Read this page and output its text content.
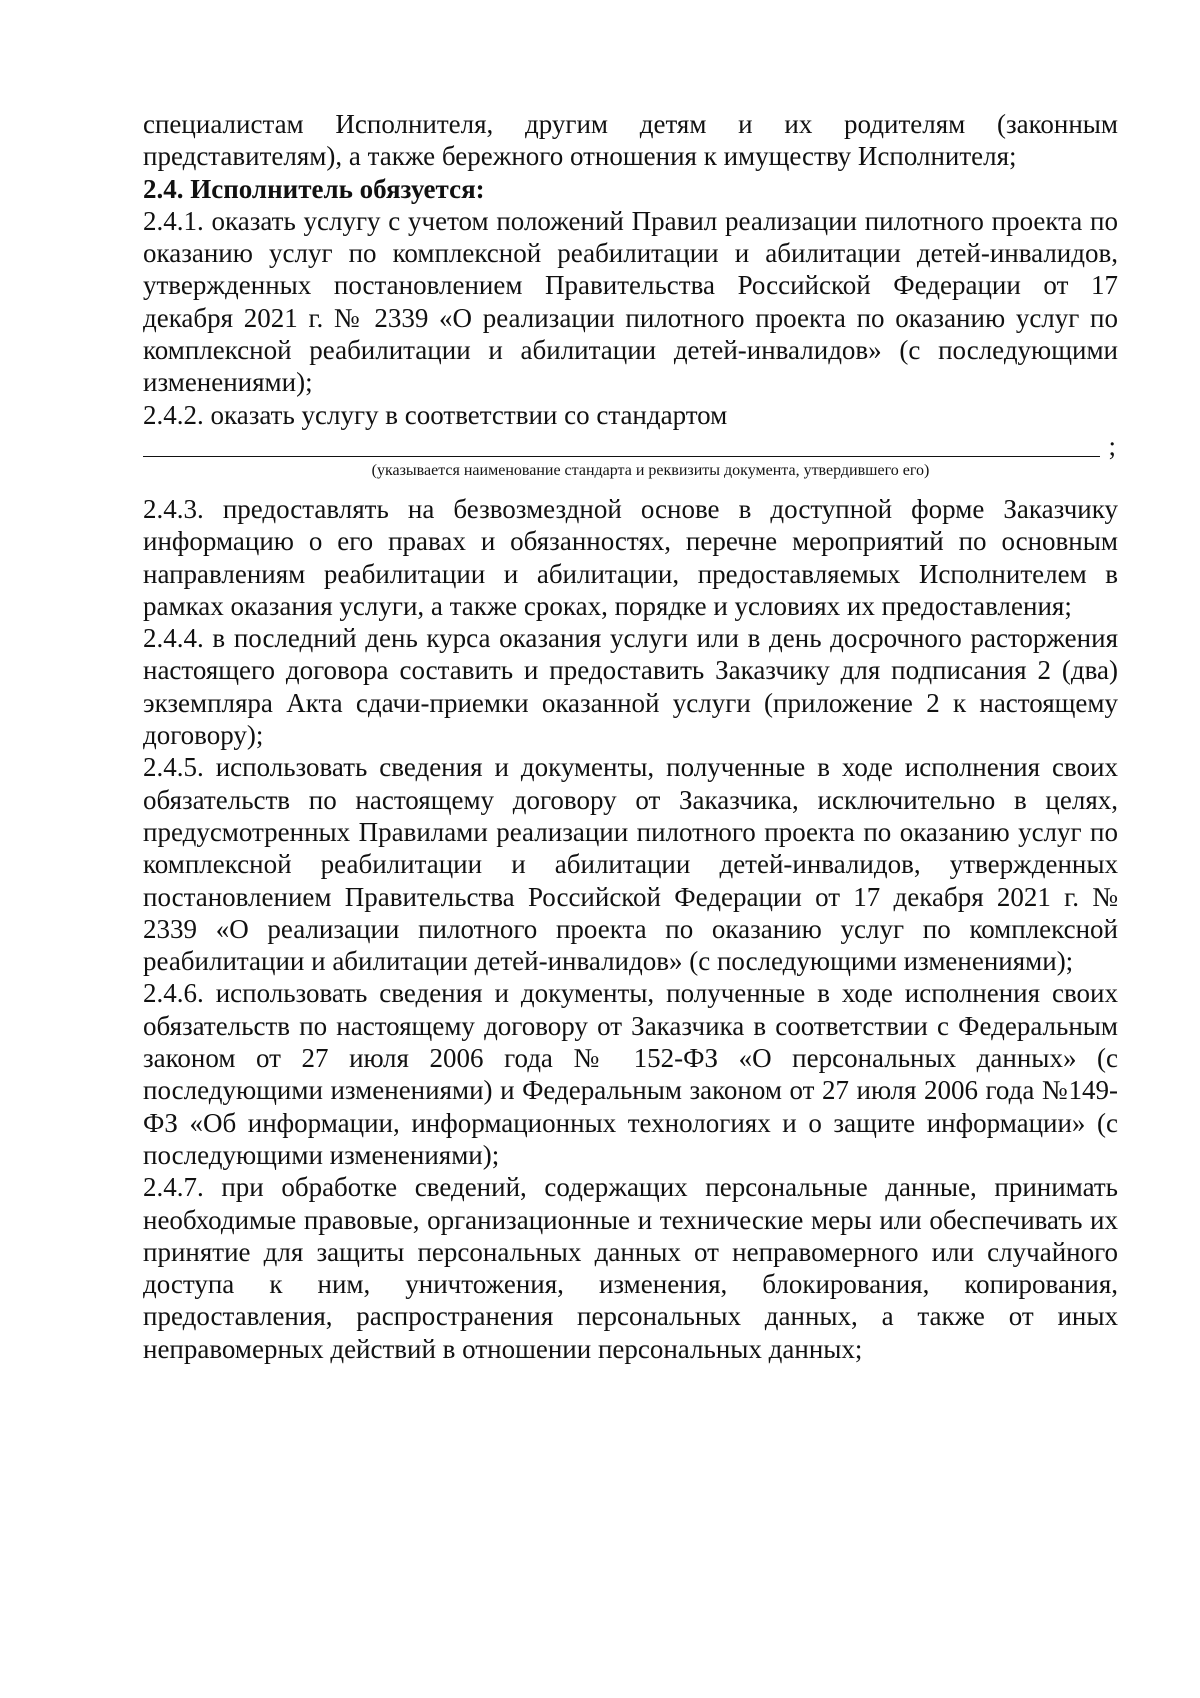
специалистам Исполнителя, другим детям и их родителям (законным представителям), а также бережного отношения к имуществу Исполнителя;

2.4. Исполнитель обязуется:

2.4.1. оказать услугу с учетом положений Правил реализации пилотного проекта по оказанию услуг по комплексной реабилитации и абилитации детей-инвалидов, утвержденных постановлением Правительства Российской Федерации от 17 декабря 2021 г. № 2339 «О реализации пилотного проекта по оказанию услуг по комплексной реабилитации и абилитации детей-инвалидов» (с последующими изменениями);

2.4.2. оказать услугу в соответствии со стандартом

;

(указывается наименование стандарта и реквизиты документа, утвердившего его)

2.4.3. предоставлять на безвозмездной основе в доступной форме Заказчику информацию о его правах и обязанностях, перечне мероприятий по основным направлениям реабилитации и абилитации, предоставляемых Исполнителем в рамках оказания услуги, а также сроках, порядке и условиях их предоставления;

2.4.4. в последний день курса оказания услуги или в день досрочного расторжения настоящего договора составить и предоставить Заказчику для подписания 2 (два) экземпляра Акта сдачи-приемки оказанной услуги (приложение 2 к настоящему договору);

2.4.5. использовать сведения и документы, полученные в ходе исполнения своих обязательств по настоящему договору от Заказчика, исключительно в целях, предусмотренных Правилами реализации пилотного проекта по оказанию услуг по комплексной реабилитации и абилитации детей-инвалидов, утвержденных постановлением Правительства Российской Федерации от 17 декабря 2021 г. № 2339 «О реализации пилотного проекта по оказанию услуг по комплексной реабилитации и абилитации детей-инвалидов» (с последующими изменениями);

2.4.6. использовать сведения и документы, полученные в ходе исполнения своих обязательств по настоящему договору от Заказчика в соответствии с Федеральным законом от 27 июля 2006 года № 152-ФЗ «О персональных данных» (с последующими изменениями) и Федеральным законом от 27 июля 2006 года №149-ФЗ «Об информации, информационных технологиях и о защите информации» (с последующими изменениями);

2.4.7. при обработке сведений, содержащих персональные данные, принимать необходимые правовые, организационные и технические меры или обеспечивать их принятие для защиты персональных данных от неправомерного или случайного доступа к ним, уничтожения, изменения, блокирования, копирования, предоставления, распространения персональных данных, а также от иных неправомерных действий в отношении персональных данных;
